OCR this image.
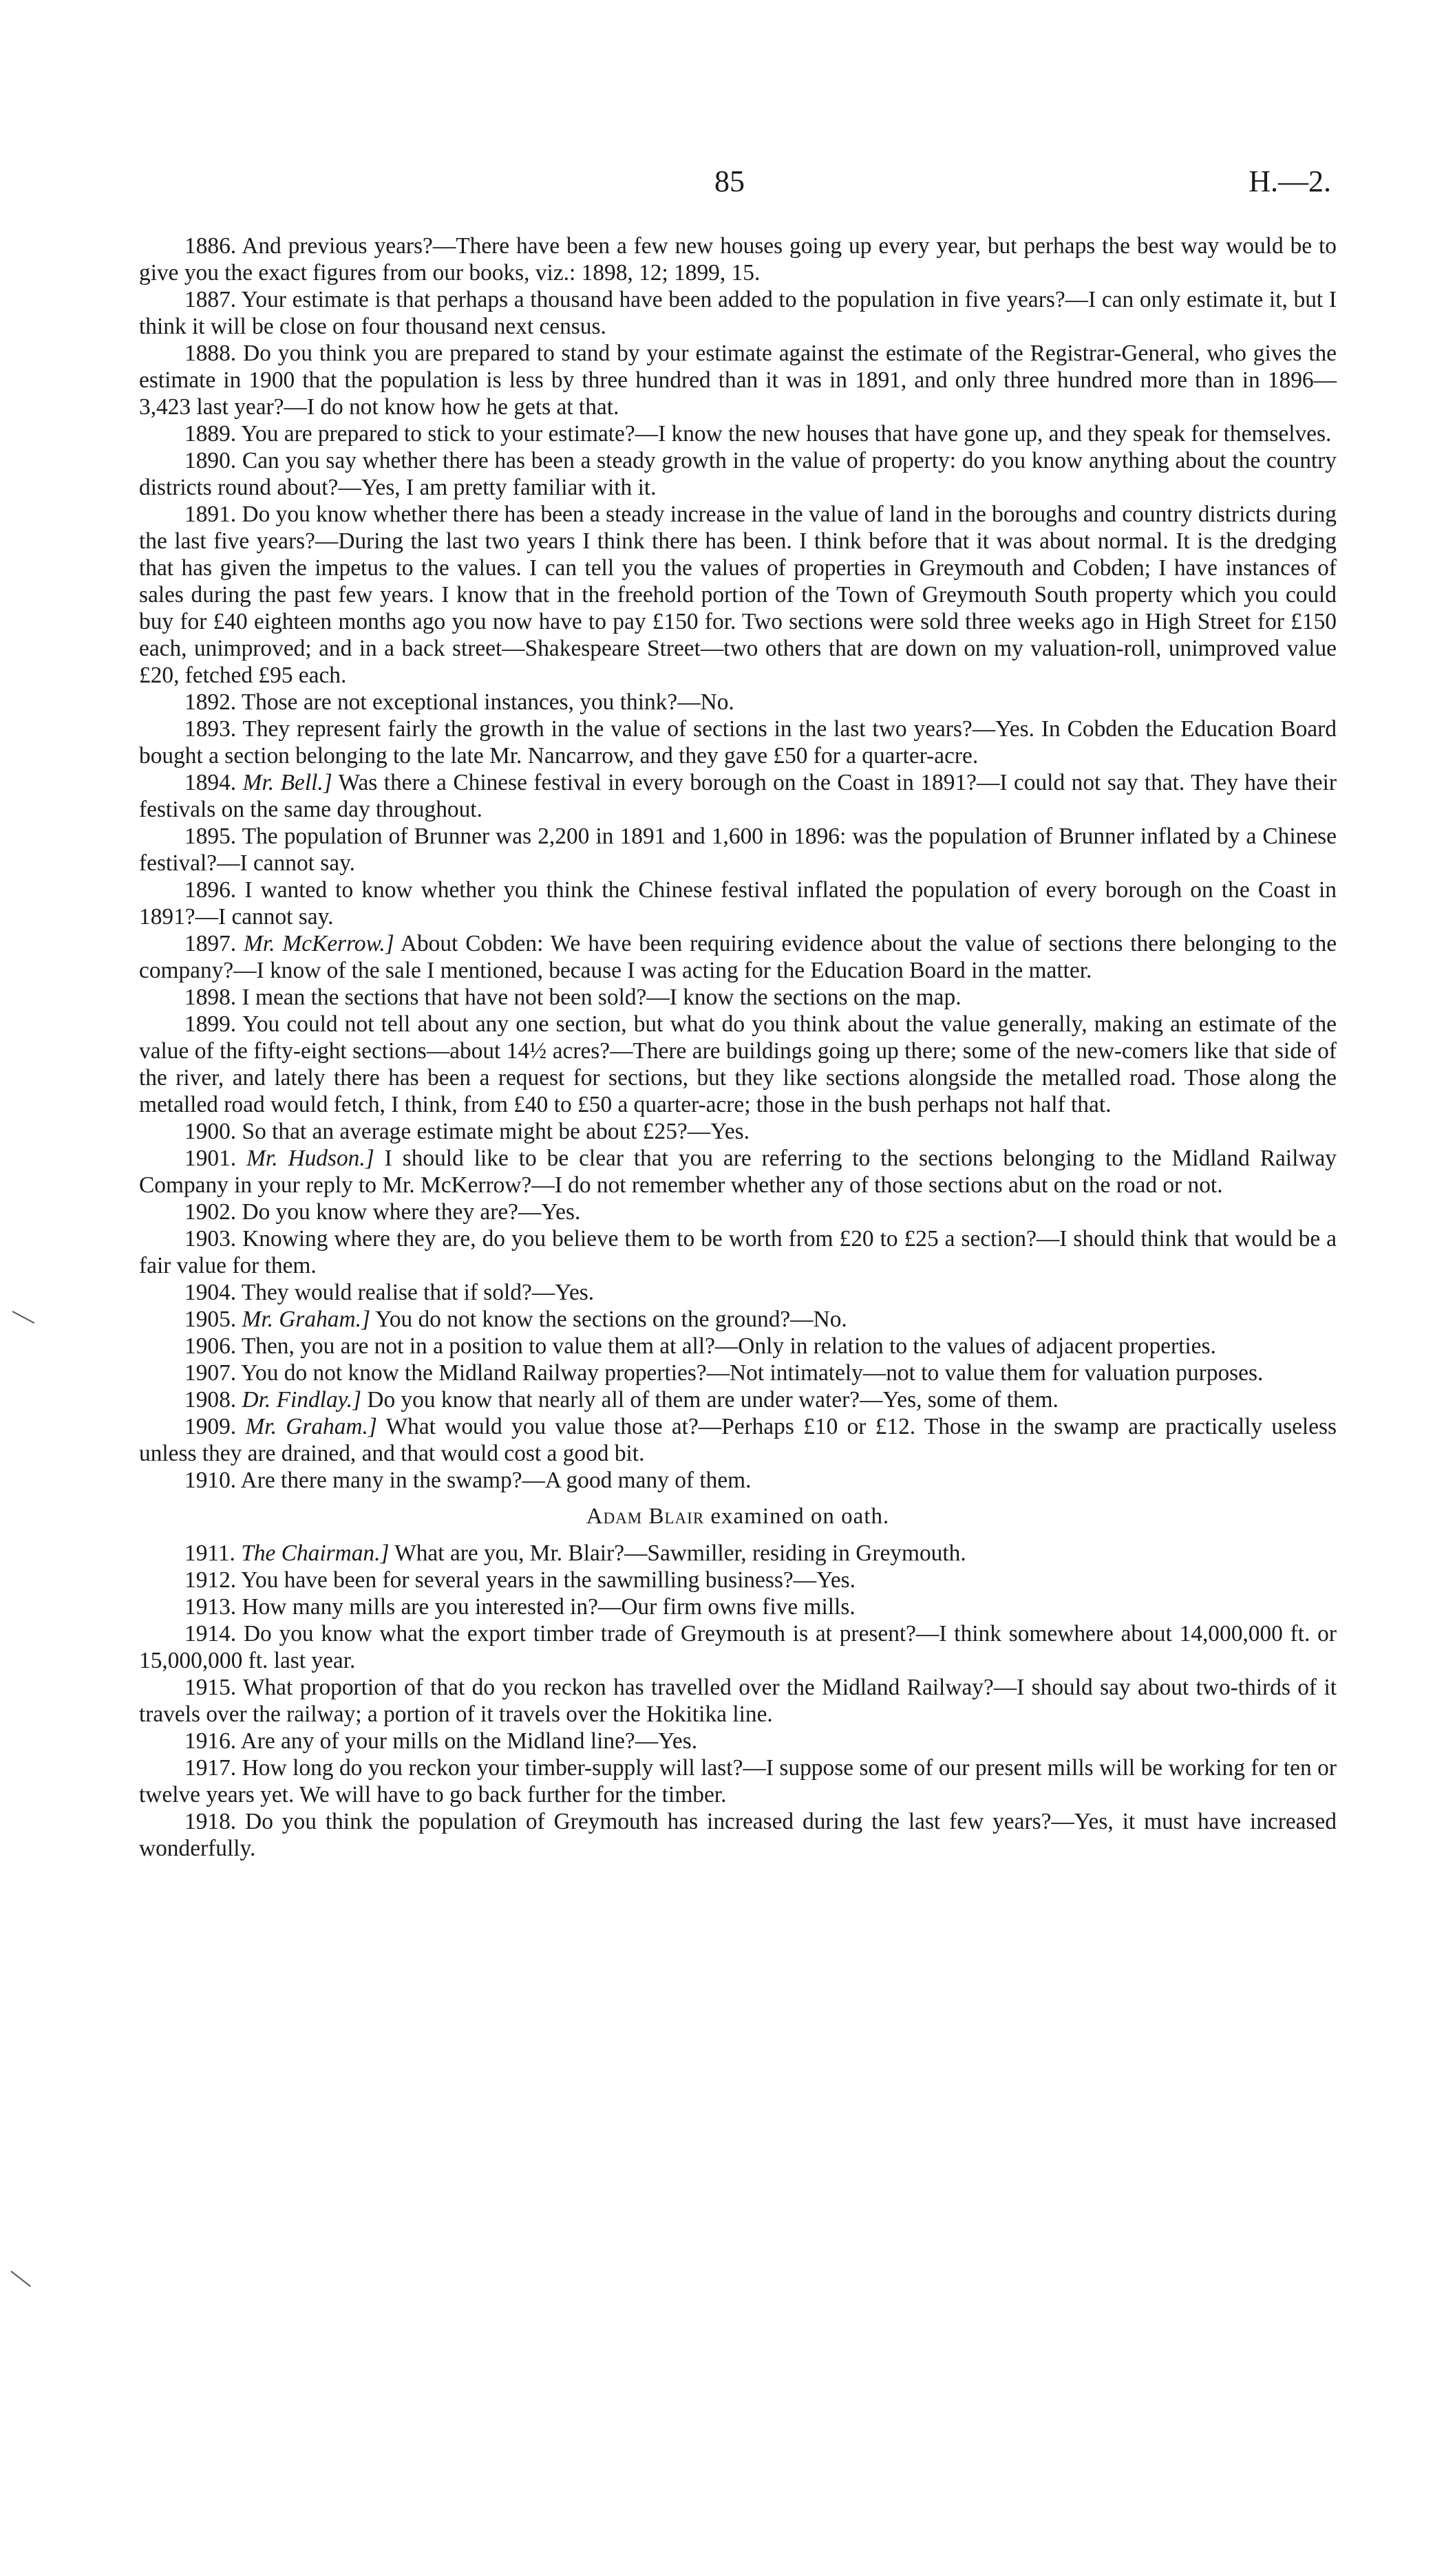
85	H.—2.

1886. And previous years?—There have been a few new houses going up every year, but perhaps the best way would be to give you the exact figures from our books, viz.: 1898, 12; 1899, 15.

1887. Your estimate is that perhaps a thousand have been added to the population in five years?—I can only estimate it, but I think it will be close on four thousand next census.

1888. Do you think you are prepared to stand by your estimate against the estimate of the Registrar-General, who gives the estimate in 1900 that the population is less by three hundred than it was in 1891, and only three hundred more than in 1896—3,423 last year?—I do not know how he gets at that.

1889. You are prepared to stick to your estimate?—I know the new houses that have gone up, and they speak for themselves.

1890. Can you say whether there has been a steady growth in the value of property: do you know anything about the country districts round about?—Yes, I am pretty familiar with it.

1891. Do you know whether there has been a steady increase in the value of land in the boroughs and country districts during the last five years?—During the last two years I think there has been. I think before that it was about normal. It is the dredging that has given the impetus to the values. I can tell you the values of properties in Greymouth and Cobden; I have instances of sales during the past few years. I know that in the freehold portion of the Town of Greymouth South property which you could buy for £40 eighteen months ago you now have to pay £150 for. Two sections were sold three weeks ago in High Street for £150 each, unimproved; and in a back street—Shakespeare Street—two others that are down on my valuation-roll, unimproved value £20, fetched £95 each.

1892. Those are not exceptional instances, you think?—No.

1893. They represent fairly the growth in the value of sections in the last two years?—Yes. In Cobden the Education Board bought a section belonging to the late Mr. Nancarrow, and they gave £50 for a quarter-acre.

1894. Mr. Bell.] Was there a Chinese festival in every borough on the Coast in 1891?—I could not say that. They have their festivals on the same day throughout.

1895. The population of Brunner was 2,200 in 1891 and 1,600 in 1896: was the population of Brunner inflated by a Chinese festival?—I cannot say.

1896. I wanted to know whether you think the Chinese festival inflated the population of every borough on the Coast in 1891?—I cannot say.

1897. Mr. McKerrow.] About Cobden: We have been requiring evidence about the value of sections there belonging to the company?—I know of the sale I mentioned, because I was acting for the Education Board in the matter.

1898. I mean the sections that have not been sold?—I know the sections on the map.

1899. You could not tell about any one section, but what do you think about the value generally, making an estimate of the value of the fifty-eight sections—about 14½ acres?—There are buildings going up there; some of the new-comers like that side of the river, and lately there has been a request for sections, but they like sections alongside the metalled road. Those along the metalled road would fetch, I think, from £40 to £50 a quarter-acre; those in the bush perhaps not half that.

1900. So that an average estimate might be about £25?—Yes.

1901. Mr. Hudson.] I should like to be clear that you are referring to the sections belonging to the Midland Railway Company in your reply to Mr. McKerrow?—I do not remember whether any of those sections abut on the road or not.

1902. Do you know where they are?—Yes.

1903. Knowing where they are, do you believe them to be worth from £20 to £25 a section?—I should think that would be a fair value for them.

1904. They would realise that if sold?—Yes.

1905. Mr. Graham.] You do not know the sections on the ground?—No.

1906. Then, you are not in a position to value them at all?—Only in relation to the values of adjacent properties.

1907. You do not know the Midland Railway properties?—Not intimately—not to value them for valuation purposes.

1908. Dr. Findlay.] Do you know that nearly all of them are under water?—Yes, some of them.

1909. Mr. Graham.] What would you value those at?—Perhaps £10 or £12. Those in the swamp are practically useless unless they are drained, and that would cost a good bit.

1910. Are there many in the swamp?—A good many of them.

Adam Blair examined on oath.

1911. The Chairman.] What are you, Mr. Blair?—Sawmiller, residing in Greymouth.

1912. You have been for several years in the sawmilling business?—Yes.

1913. How many mills are you interested in?—Our firm owns five mills.

1914. Do you know what the export timber trade of Greymouth is at present?—I think somewhere about 14,000,000 ft. or 15,000,000 ft. last year.

1915. What proportion of that do you reckon has travelled over the Midland Railway?—I should say about two-thirds of it travels over the railway; a portion of it travels over the Hokitika line.

1916. Are any of your mills on the Midland line?—Yes.

1917. How long do you reckon your timber-supply will last?—I suppose some of our present mills will be working for ten or twelve years yet. We will have to go back further for the timber.

1918. Do you think the population of Greymouth has increased during the last few years?—Yes, it must have increased wonderfully.
